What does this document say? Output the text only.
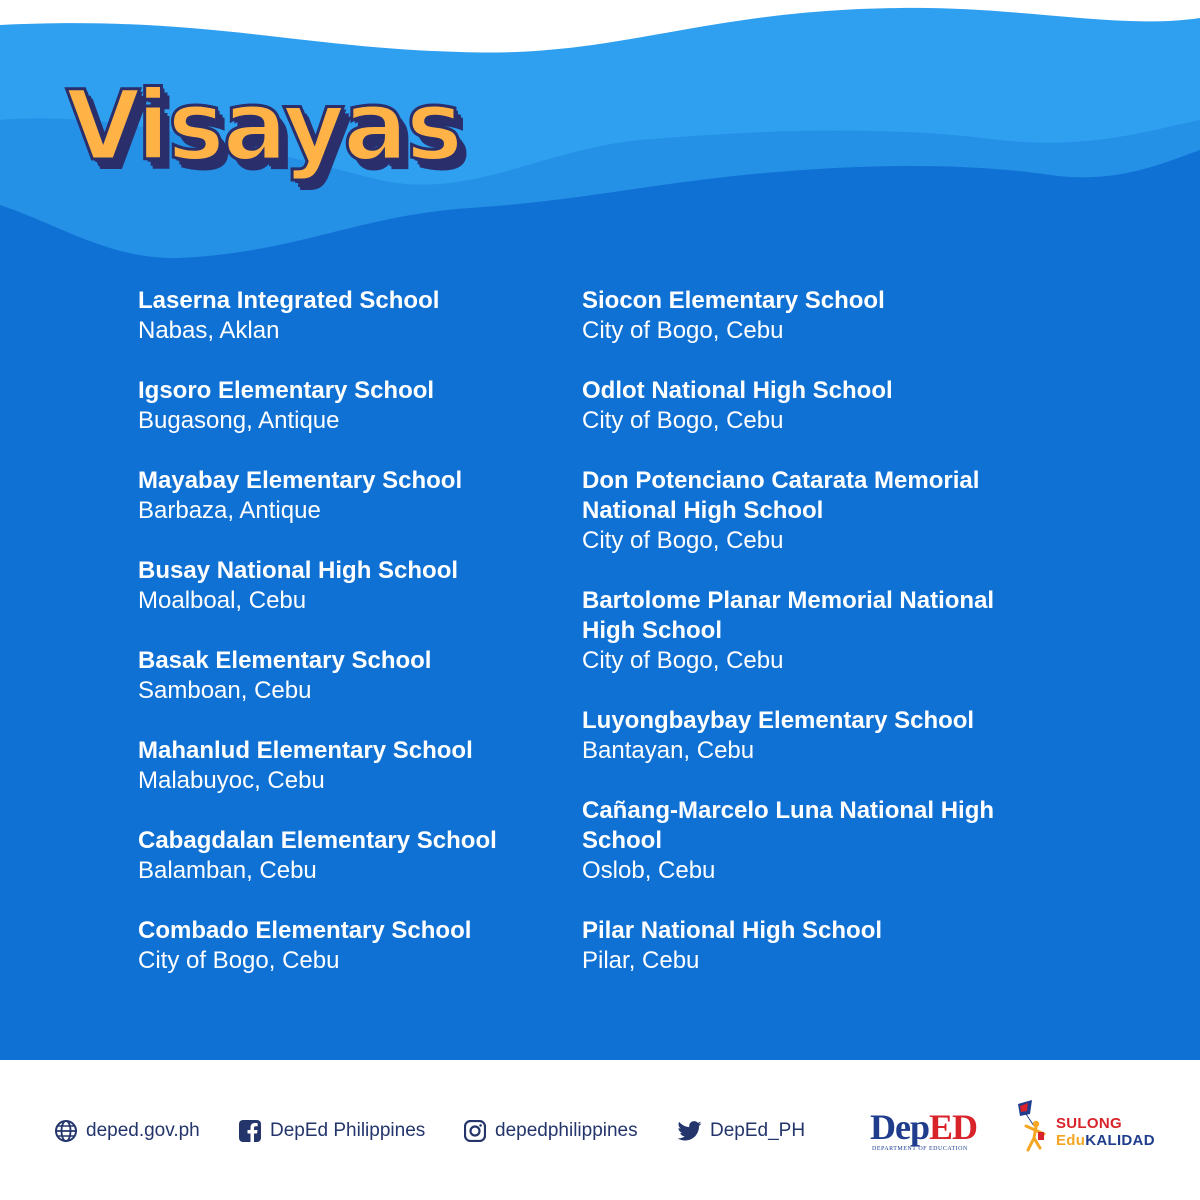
Visayas
Laserna Integrated School
Nabas, Aklan
Igsoro Elementary School
Bugasong, Antique
Mayabay Elementary School
Barbaza, Antique
Busay National High School
Moalboal, Cebu
Basak Elementary School
Samboan, Cebu
Mahanlud Elementary School
Malabuyoc, Cebu
Cabagdalan Elementary School
Balamban, Cebu
Combado Elementary School
City of Bogo, Cebu
Siocon Elementary School
City of Bogo, Cebu
Odlot National High School
City of Bogo, Cebu
Don Potenciano Catarata Memorial National High School
City of Bogo, Cebu
Bartolome Planar Memorial National High School
City of Bogo, Cebu
Luyongbaybay Elementary School
Bantayan, Cebu
Cañang-Marcelo Luna National High School
Oslob, Cebu
Pilar National High School
Pilar, Cebu
deped.gov.ph	DepEd Philippines	depedphilippines	DepEd_PH DepED
DEPARTMENT OF EDUCATION
SULONG
EduKALIDAD
